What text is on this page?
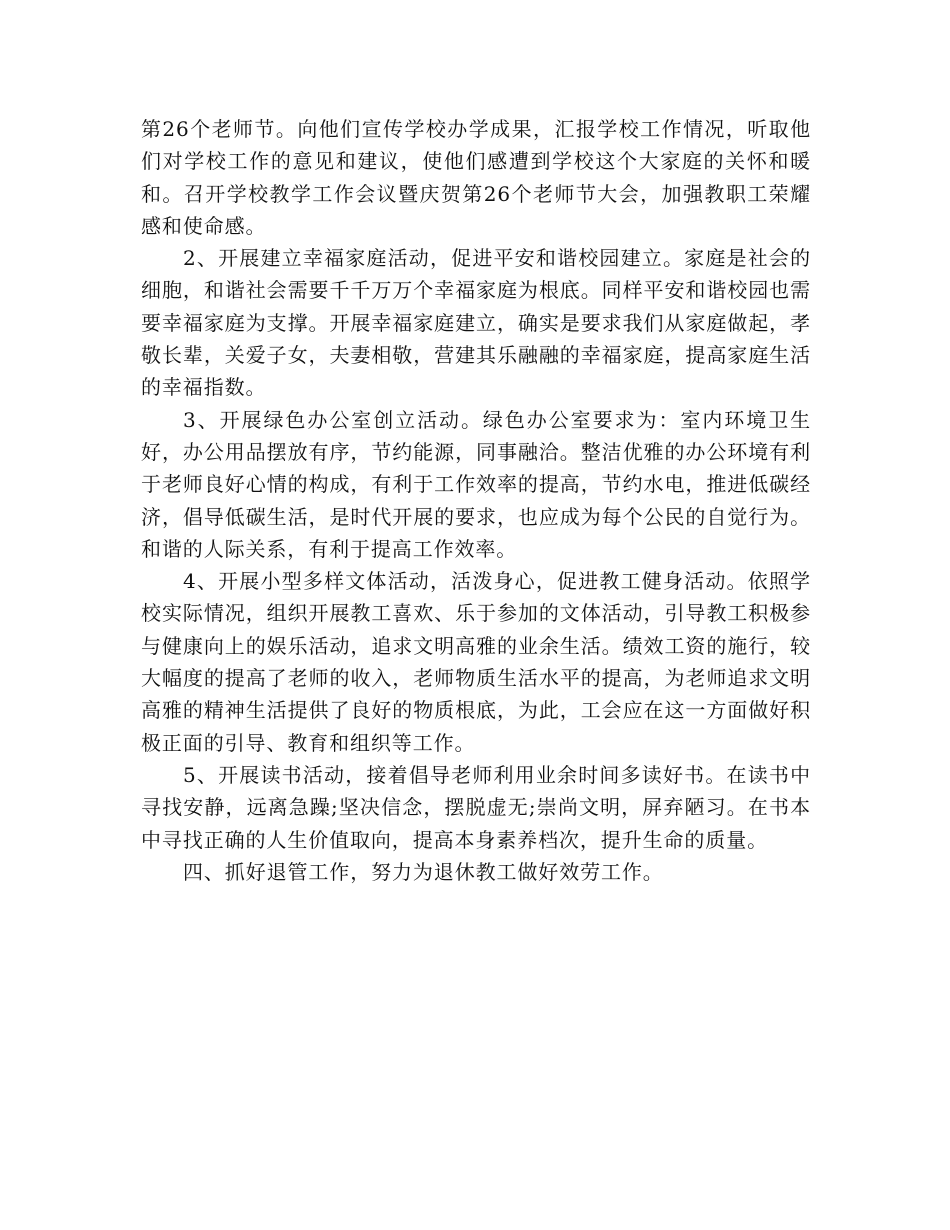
第26个老师节。向他们宣传学校办学成果，汇报学校工作情况，听取他们对学校工作的意见和建议，使他们感遭到学校这个大家庭的关怀和暖和。召开学校教学工作会议暨庆贺第26个老师节大会，加强教职工荣耀感和使命感。

2、开展建立幸福家庭活动，促进平安和谐校园建立。家庭是社会的细胞，和谐社会需要千千万万个幸福家庭为根底。同样平安和谐校园也需要幸福家庭为支撑。开展幸福家庭建立，确实是要求我们从家庭做起，孝敬长辈，关爱子女，夫妻相敬，营建其乐融融的幸福家庭，提高家庭生活的幸福指数。

3、开展绿色办公室创立活动。绿色办公室要求为：室内环境卫生好，办公用品摆放有序，节约能源，同事融洽。整洁优雅的办公环境有利于老师良好心情的构成，有利于工作效率的提高，节约水电，推进低碳经济，倡导低碳生活，是时代开展的要求，也应成为每个公民的自觉行为。和谐的人际关系，有利于提高工作效率。

4、开展小型多样文体活动，活泼身心，促进教工健身活动。依照学校实际情况，组织开展教工喜欢、乐于参加的文体活动，引导教工积极参与健康向上的娱乐活动，追求文明高雅的业余生活。绩效工资的施行，较大幅度的提高了老师的收入，老师物质生活水平的提高，为老师追求文明高雅的精神生活提供了良好的物质根底，为此，工会应在这一方面做好积极正面的引导、教育和组织等工作。

5、开展读书活动，接着倡导老师利用业余时间多读好书。在读书中寻找安静，远离急躁;坚决信念，摆脱虚无;崇尚文明，屏弃陋习。在书本中寻找正确的人生价值取向，提高本身素养档次，提升生命的质量。

四、抓好退管工作，努力为退休教工做好效劳工作。
